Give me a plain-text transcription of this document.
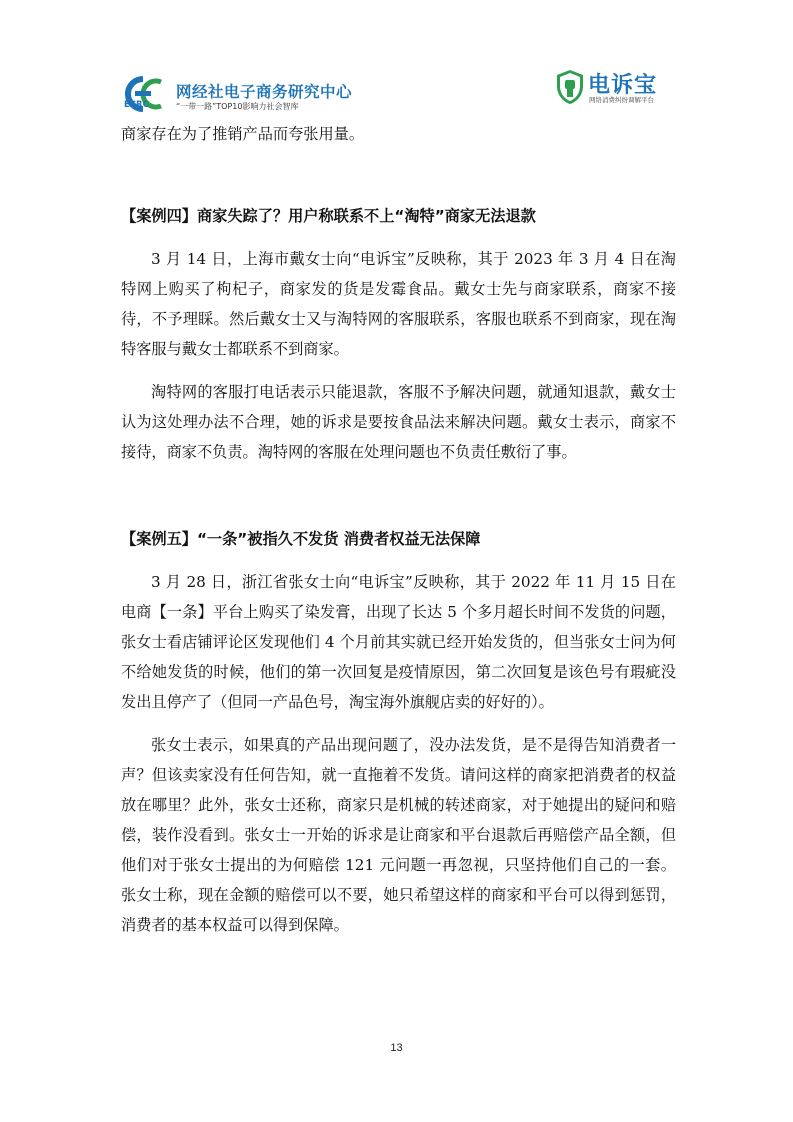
ECRC
网经社电子商务研究中心
“一带一路”TOP10影响力社会智库
电诉宝
网络消费纠纷调解平台

商家存在为了推销产品而夸张用量。

【案例四】商家失踪了？用户称联系不上“淘特”商家无法退款

3 月 14 日，上海市戴女士向“电诉宝”反映称，其于 2023 年 3 月 4 日在淘特网上购买了枸杞子，商家发的货是发霉食品。戴女士先与商家联系，商家不接待，不予理睬。然后戴女士又与淘特网的客服联系，客服也联系不到商家，现在淘特客服与戴女士都联系不到商家。

淘特网的客服打电话表示只能退款，客服不予解决问题，就通知退款，戴女士认为这处理办法不合理，她的诉求是要按食品法来解决问题。戴女士表示，商家不接待，商家不负责。淘特网的客服在处理问题也不负责任敷衍了事。

【案例五】“一条”被指久不发货 消费者权益无法保障

3 月 28 日，浙江省张女士向“电诉宝”反映称，其于 2022 年 11 月 15 日在电商【一条】平台上购买了染发膏，出现了长达 5 个多月超长时间不发货的问题，张女士看店铺评论区发现他们 4 个月前其实就已经开始发货的，但当张女士问为何不给她发货的时候，他们的第一次回复是疫情原因，第二次回复是该色号有瑕疵没发出且停产了（但同一产品色号，淘宝海外旗舰店卖的好好的）。

张女士表示，如果真的产品出现问题了，没办法发货，是不是得告知消费者一声？但该卖家没有任何告知，就一直拖着不发货。请问这样的商家把消费者的权益放在哪里？此外，张女士还称，商家只是机械的转述商家，对于她提出的疑问和赔偿，装作没看到。张女士一开始的诉求是让商家和平台退款后再赔偿产品全额，但他们对于张女士提出的为何赔偿 121 元问题一再忽视，只坚持他们自己的一套。张女士称，现在金额的赔偿可以不要，她只希望这样的商家和平台可以得到惩罚，消费者的基本权益可以得到保障。

13
